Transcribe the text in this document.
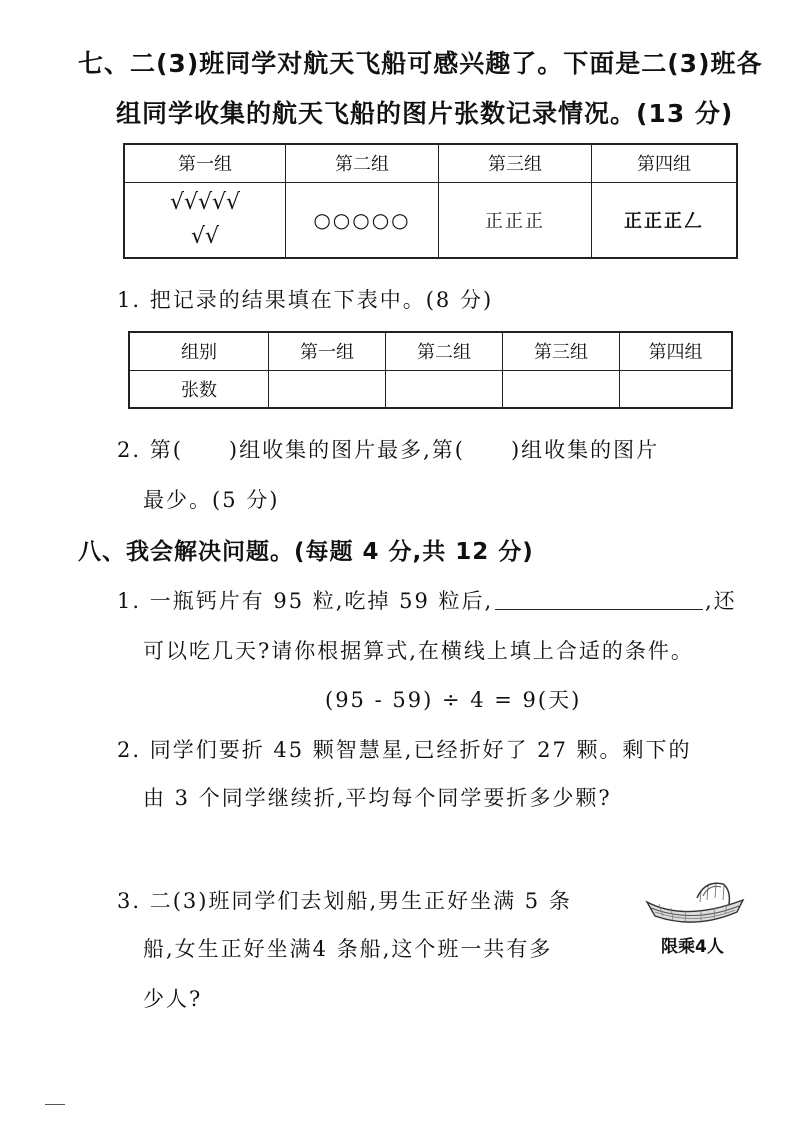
七、二(3)班同学对航天飞船可感兴趣了。下面是二(3)班各
组同学收集的航天飞船的图片张数记录情况。(13 分)
第一组	第二组	第三组	第四组

√√√√√
√√	○○○○○	正正正	正正正𠃋
1. 把记录的结果填在下表中。(8 分)
组别	第一组	第二组	第三组	第四组
张数				
2. 第(　　)组收集的图片最多,第(　　)组收集的图片
最少。(5 分)
八、我会解决问题。(每题 4 分,共 12 分)
1. 一瓶钙片有 95 粒,吃掉 59 粒后,	,还
可以吃几天?请你根据算式,在横线上填上合适的条件。
(95 - 59) ÷ 4 = 9(天)
2. 同学们要折 45 颗智慧星,已经折好了 27 颗。剩下的
由 3 个同学继续折,平均每个同学要折多少颗?
3. 二(3)班同学们去划船,男生正好坐满 5 条
船,女生正好坐满4 条船,这个班一共有多
少人?
限乘4人
